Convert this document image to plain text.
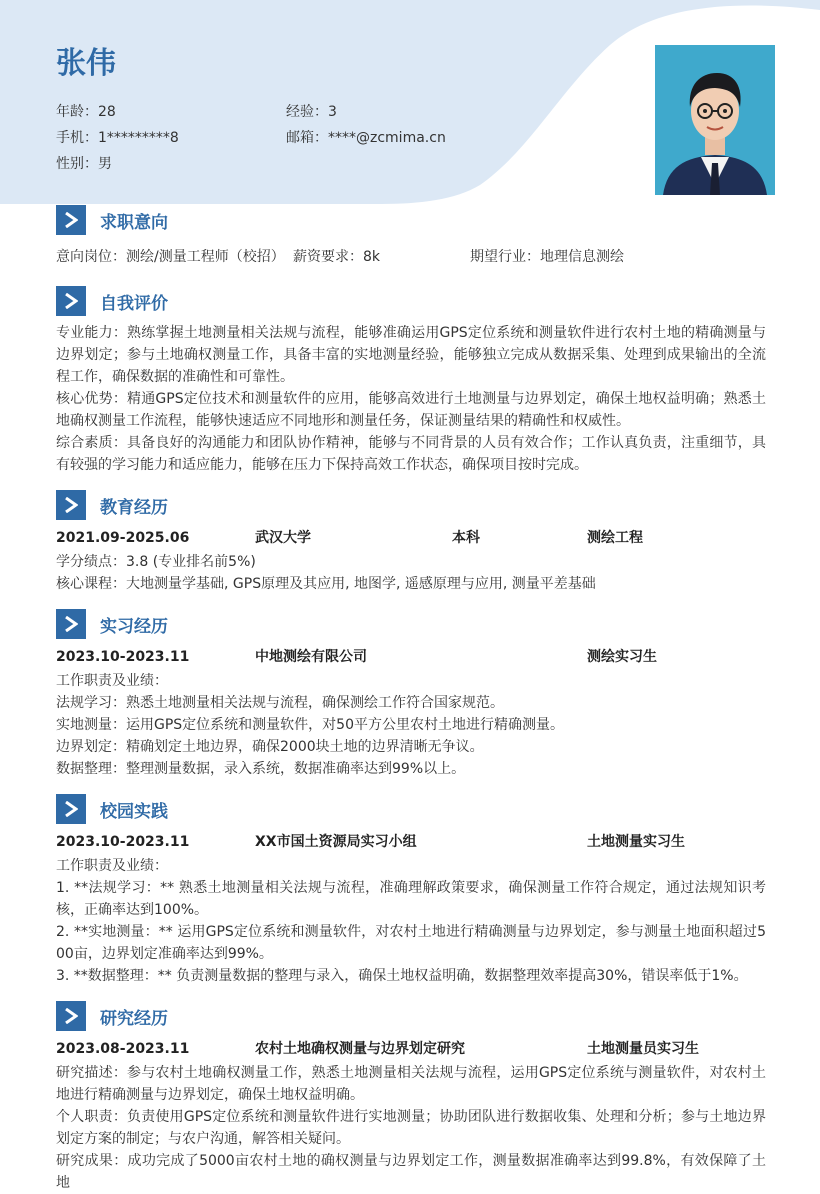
张伟
年龄：28	经验：3
手机：1*********8	邮箱：****@zcmima.cn
性别：男
求职意向
意向岗位：测绘/测量工程师（校招） 薪资要求：8k	期望行业：地理信息测绘
自我评价
专业能力：熟练掌握土地测量相关法规与流程，能够准确运用GPS定位系统和测量软件进行农村土地的精确测量与边界划定；参与土地确权测量工作，具备丰富的实地测量经验，能够独立完成从数据采集、处理到成果输出的全流程工作，确保数据的准确性和可靠性。
核心优势：精通GPS定位技术和测量软件的应用，能够高效进行土地测量与边界划定，确保土地权益明确；熟悉土地确权测量工作流程，能够快速适应不同地形和测量任务，保证测量结果的精确性和权威性。
综合素质：具备良好的沟通能力和团队协作精神，能够与不同背景的人员有效合作；工作认真负责，注重细节，具有较强的学习能力和适应能力，能够在压力下保持高效工作状态，确保项目按时完成。
教育经历
2021.09-2025.06	武汉大学	本科	测绘工程
学分绩点：3.8 (专业排名前5%)
核心课程：大地测量学基础, GPS原理及其应用, 地图学, 遥感原理与应用, 测量平差基础
实习经历
2023.10-2023.11	中地测绘有限公司	测绘实习生
工作职责及业绩：
法规学习：熟悉土地测量相关法规与流程，确保测绘工作符合国家规范。
实地测量：运用GPS定位系统和测量软件，对50平方公里农村土地进行精确测量。
边界划定：精确划定土地边界，确保2000块土地的边界清晰无争议。
数据整理：整理测量数据，录入系统，数据准确率达到99%以上。
校园实践
2023.10-2023.11	XX市国土资源局实习小组	土地测量实习生
工作职责及业绩：
1. **法规学习：** 熟悉土地测量相关法规与流程，准确理解政策要求，确保测量工作符合规定，通过法规知识考核，正确率达到100%。
2. **实地测量：** 运用GPS定位系统和测量软件，对农村土地进行精确测量与边界划定，参与测量土地面积超过500亩，边界划定准确率达到99%。
3. **数据整理：** 负责测量数据的整理与录入，确保土地权益明确，数据整理效率提高30%，错误率低于1%。
研究经历
2023.08-2023.11	农村土地确权测量与边界划定研究	土地测量员实习生
研究描述：参与农村土地确权测量工作，熟悉土地测量相关法规与流程，运用GPS定位系统与测量软件，对农村土地进行精确测量与边界划定，确保土地权益明确。
个人职责：负责使用GPS定位系统和测量软件进行实地测量；协助团队进行数据收集、处理和分析；参与土地边界划定方案的制定；与农户沟通，解答相关疑问。
研究成果：成功完成了5000亩农村土地的确权测量与边界划定工作，测量数据准确率达到99.8%，有效保障了土地
